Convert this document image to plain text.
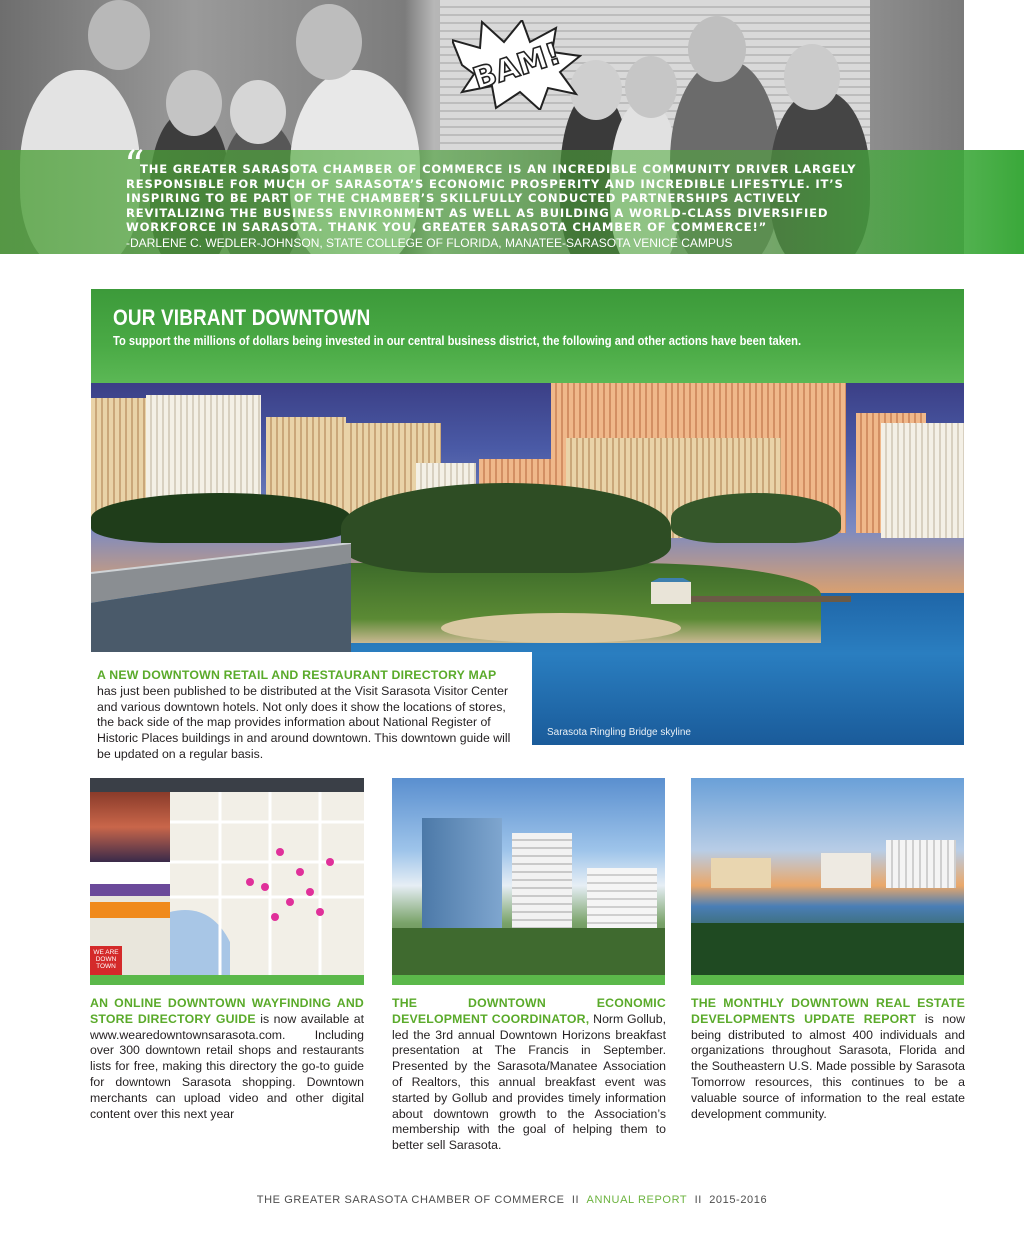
BAM!
“

THE GREATER SARASOTA CHAMBER OF COMMERCE IS AN INCREDIBLE COMMUNITY DRIVER LARGELY RESPONSIBLE FOR MUCH OF SARASOTA’S ECONOMIC PROSPERITY AND INCREDIBLE LIFESTYLE. IT’S INSPIRING TO BE PART OF THE CHAMBER’S SKILLFULLY CONDUCTED PARTNERSHIPS ACTIVELY REVITALIZING THE BUSINESS ENVIRONMENT AS WELL AS BUILDING A WORLD-CLASS DIVERSIFIED WORKFORCE IN SARASOTA. THANK YOU, GREATER SARASOTA CHAMBER OF COMMERCE!”

-DARLENE C. WEDLER-JOHNSON, STATE COLLEGE OF FLORIDA, MANATEE-SARASOTA VENICE CAMPUS

OUR VIBRANT DOWNTOWN

To support the millions of dollars being invested in our central business district, the following and other actions have been taken.

A NEW DOWNTOWN RETAIL AND RESTAURANT DIRECTORY MAP has just been published to be distributed at the Visit Sarasota Visitor Center and various downtown hotels. Not only does it show the locations of stores, the back side of the map provides information about National Register of Historic Places buildings in and around downtown. This downtown guide will be updated on a regular basis.

Sarasota Ringling Bridge skyline

WE ARE DOWN TOWN

AN ONLINE DOWNTOWN WAYFINDING AND STORE DIRECTORY GUIDE is now available at www.wearedowntownsarasota.com. Including over 300 downtown retail shops and restaurants lists for free, making this directory the go-to guide for downtown Sarasota shopping. Downtown merchants can upload video and other digital content over this next year

THE DOWNTOWN ECONOMIC DEVELOPMENT COORDINATOR, Norm Gollub, led the 3rd annual Downtown Horizons breakfast presentation at The Francis in September. Presented by the Sarasota/Manatee Association of Realtors, this annual breakfast event was started by Gollub and provides timely information about downtown growth to the Association’s membership with the goal of helping them to better sell Sarasota.

THE MONTHLY DOWNTOWN REAL ESTATE DEVELOPMENTS UPDATE REPORT is now being distributed to almost 400 individuals and organizations throughout Sarasota, Florida and the Southeastern U.S. Made possible by Sarasota Tomorrow resources, this continues to be a valuable source of information to the real estate development community.

THE GREATER SARASOTA CHAMBER OF COMMERCE II ANNUAL REPORT II 2015-2016
